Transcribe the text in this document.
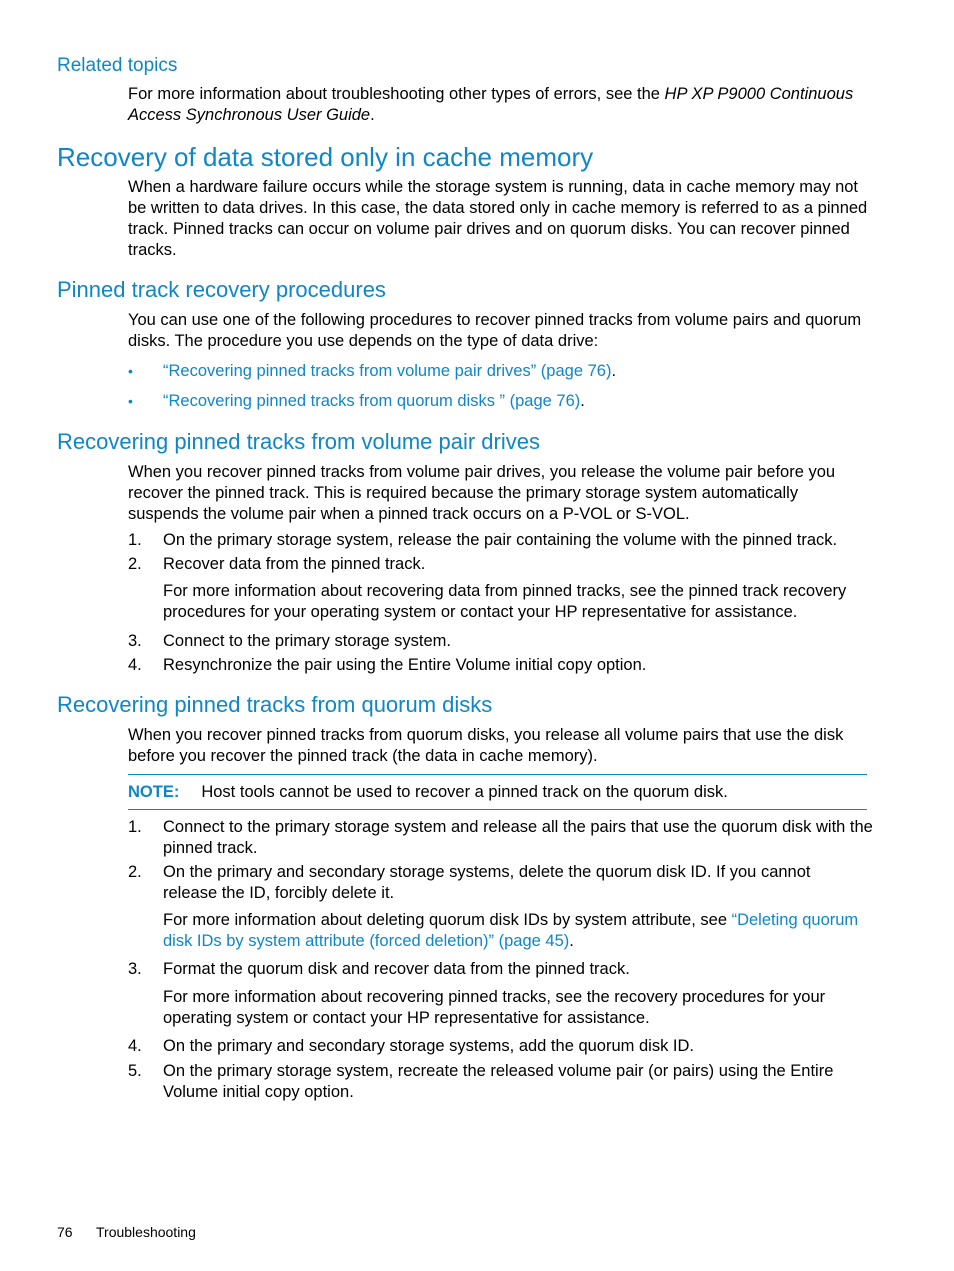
Related topics
For more information about troubleshooting other types of errors, see the HP XP P9000 Continuous Access Synchronous User Guide.
Recovery of data stored only in cache memory
When a hardware failure occurs while the storage system is running, data in cache memory may not be written to data drives. In this case, the data stored only in cache memory is referred to as a pinned track. Pinned tracks can occur on volume pair drives and on quorum disks. You can recover pinned tracks.
Pinned track recovery procedures
You can use one of the following procedures to recover pinned tracks from volume pairs and quorum disks. The procedure you use depends on the type of data drive:
• “Recovering pinned tracks from volume pair drives” (page 76).
• “Recovering pinned tracks from quorum disks ” (page 76).
Recovering pinned tracks from volume pair drives
When you recover pinned tracks from volume pair drives, you release the volume pair before you recover the pinned track. This is required because the primary storage system automatically suspends the volume pair when a pinned track occurs on a P-VOL or S-VOL.
1. On the primary storage system, release the pair containing the volume with the pinned track.
2. Recover data from the pinned track.
For more information about recovering data from pinned tracks, see the pinned track recovery procedures for your operating system or contact your HP representative for assistance.
3. Connect to the primary storage system.
4. Resynchronize the pair using the Entire Volume initial copy option.
Recovering pinned tracks from quorum disks
When you recover pinned tracks from quorum disks, you release all volume pairs that use the disk before you recover the pinned track (the data in cache memory).
NOTE: Host tools cannot be used to recover a pinned track on the quorum disk.
1. Connect to the primary storage system and release all the pairs that use the quorum disk with the pinned track.
2. On the primary and secondary storage systems, delete the quorum disk ID. If you cannot release the ID, forcibly delete it.
For more information about deleting quorum disk IDs by system attribute, see “Deleting quorum disk IDs by system attribute (forced deletion)” (page 45).
3. Format the quorum disk and recover data from the pinned track.
For more information about recovering pinned tracks, see the recovery procedures for your operating system or contact your HP representative for assistance.
4. On the primary and secondary storage systems, add the quorum disk ID.
5. On the primary storage system, recreate the released volume pair (or pairs) using the Entire Volume initial copy option.
76 Troubleshooting
